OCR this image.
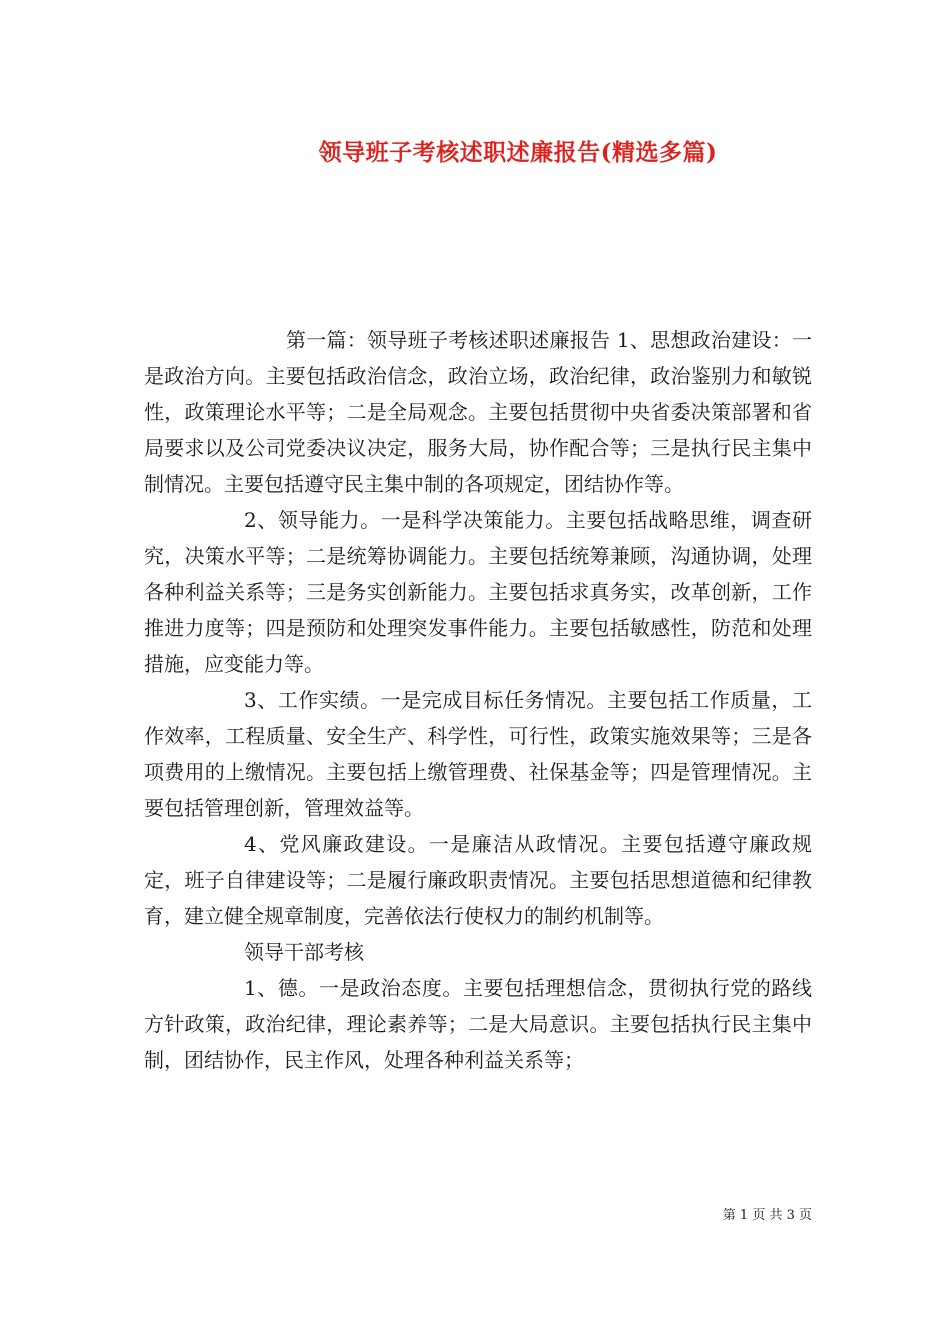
领导班子考核述职述廉报告(精选多篇)

第一篇：领导班子考核述职述廉报告 1、思想政治建设：一是政治方向。主要包括政治信念，政治立场，政治纪律，政治鉴别力和敏锐性，政策理论水平等；二是全局观念。主要包括贯彻中央省委决策部署和省局要求以及公司党委决议决定，服务大局，协作配合等；三是执行民主集中制情况。主要包括遵守民主集中制的各项规定，团结协作等。

2、领导能力。一是科学决策能力。主要包括战略思维，调查研究，决策水平等；二是统筹协调能力。主要包括统筹兼顾，沟通协调，处理各种利益关系等；三是务实创新能力。主要包括求真务实，改革创新，工作推进力度等；四是预防和处理突发事件能力。主要包括敏感性，防范和处理措施，应变能力等。

3、工作实绩。一是完成目标任务情况。主要包括工作质量，工作效率，工程质量、安全生产、科学性，可行性，政策实施效果等；三是各项费用的上缴情况。主要包括上缴管理费、社保基金等；四是管理情况。主要包括管理创新，管理效益等。

4、党风廉政建设。一是廉洁从政情况。主要包括遵守廉政规定，班子自律建设等；二是履行廉政职责情况。主要包括思想道德和纪律教育，建立健全规章制度，完善依法行使权力的制约机制等。

领导干部考核

1、德。一是政治态度。主要包括理想信念，贯彻执行党的路线方针政策，政治纪律，理论素养等；二是大局意识。主要包括执行民主集中制，团结协作，民主作风，处理各种利益关系等；

第 1 页 共 3 页
